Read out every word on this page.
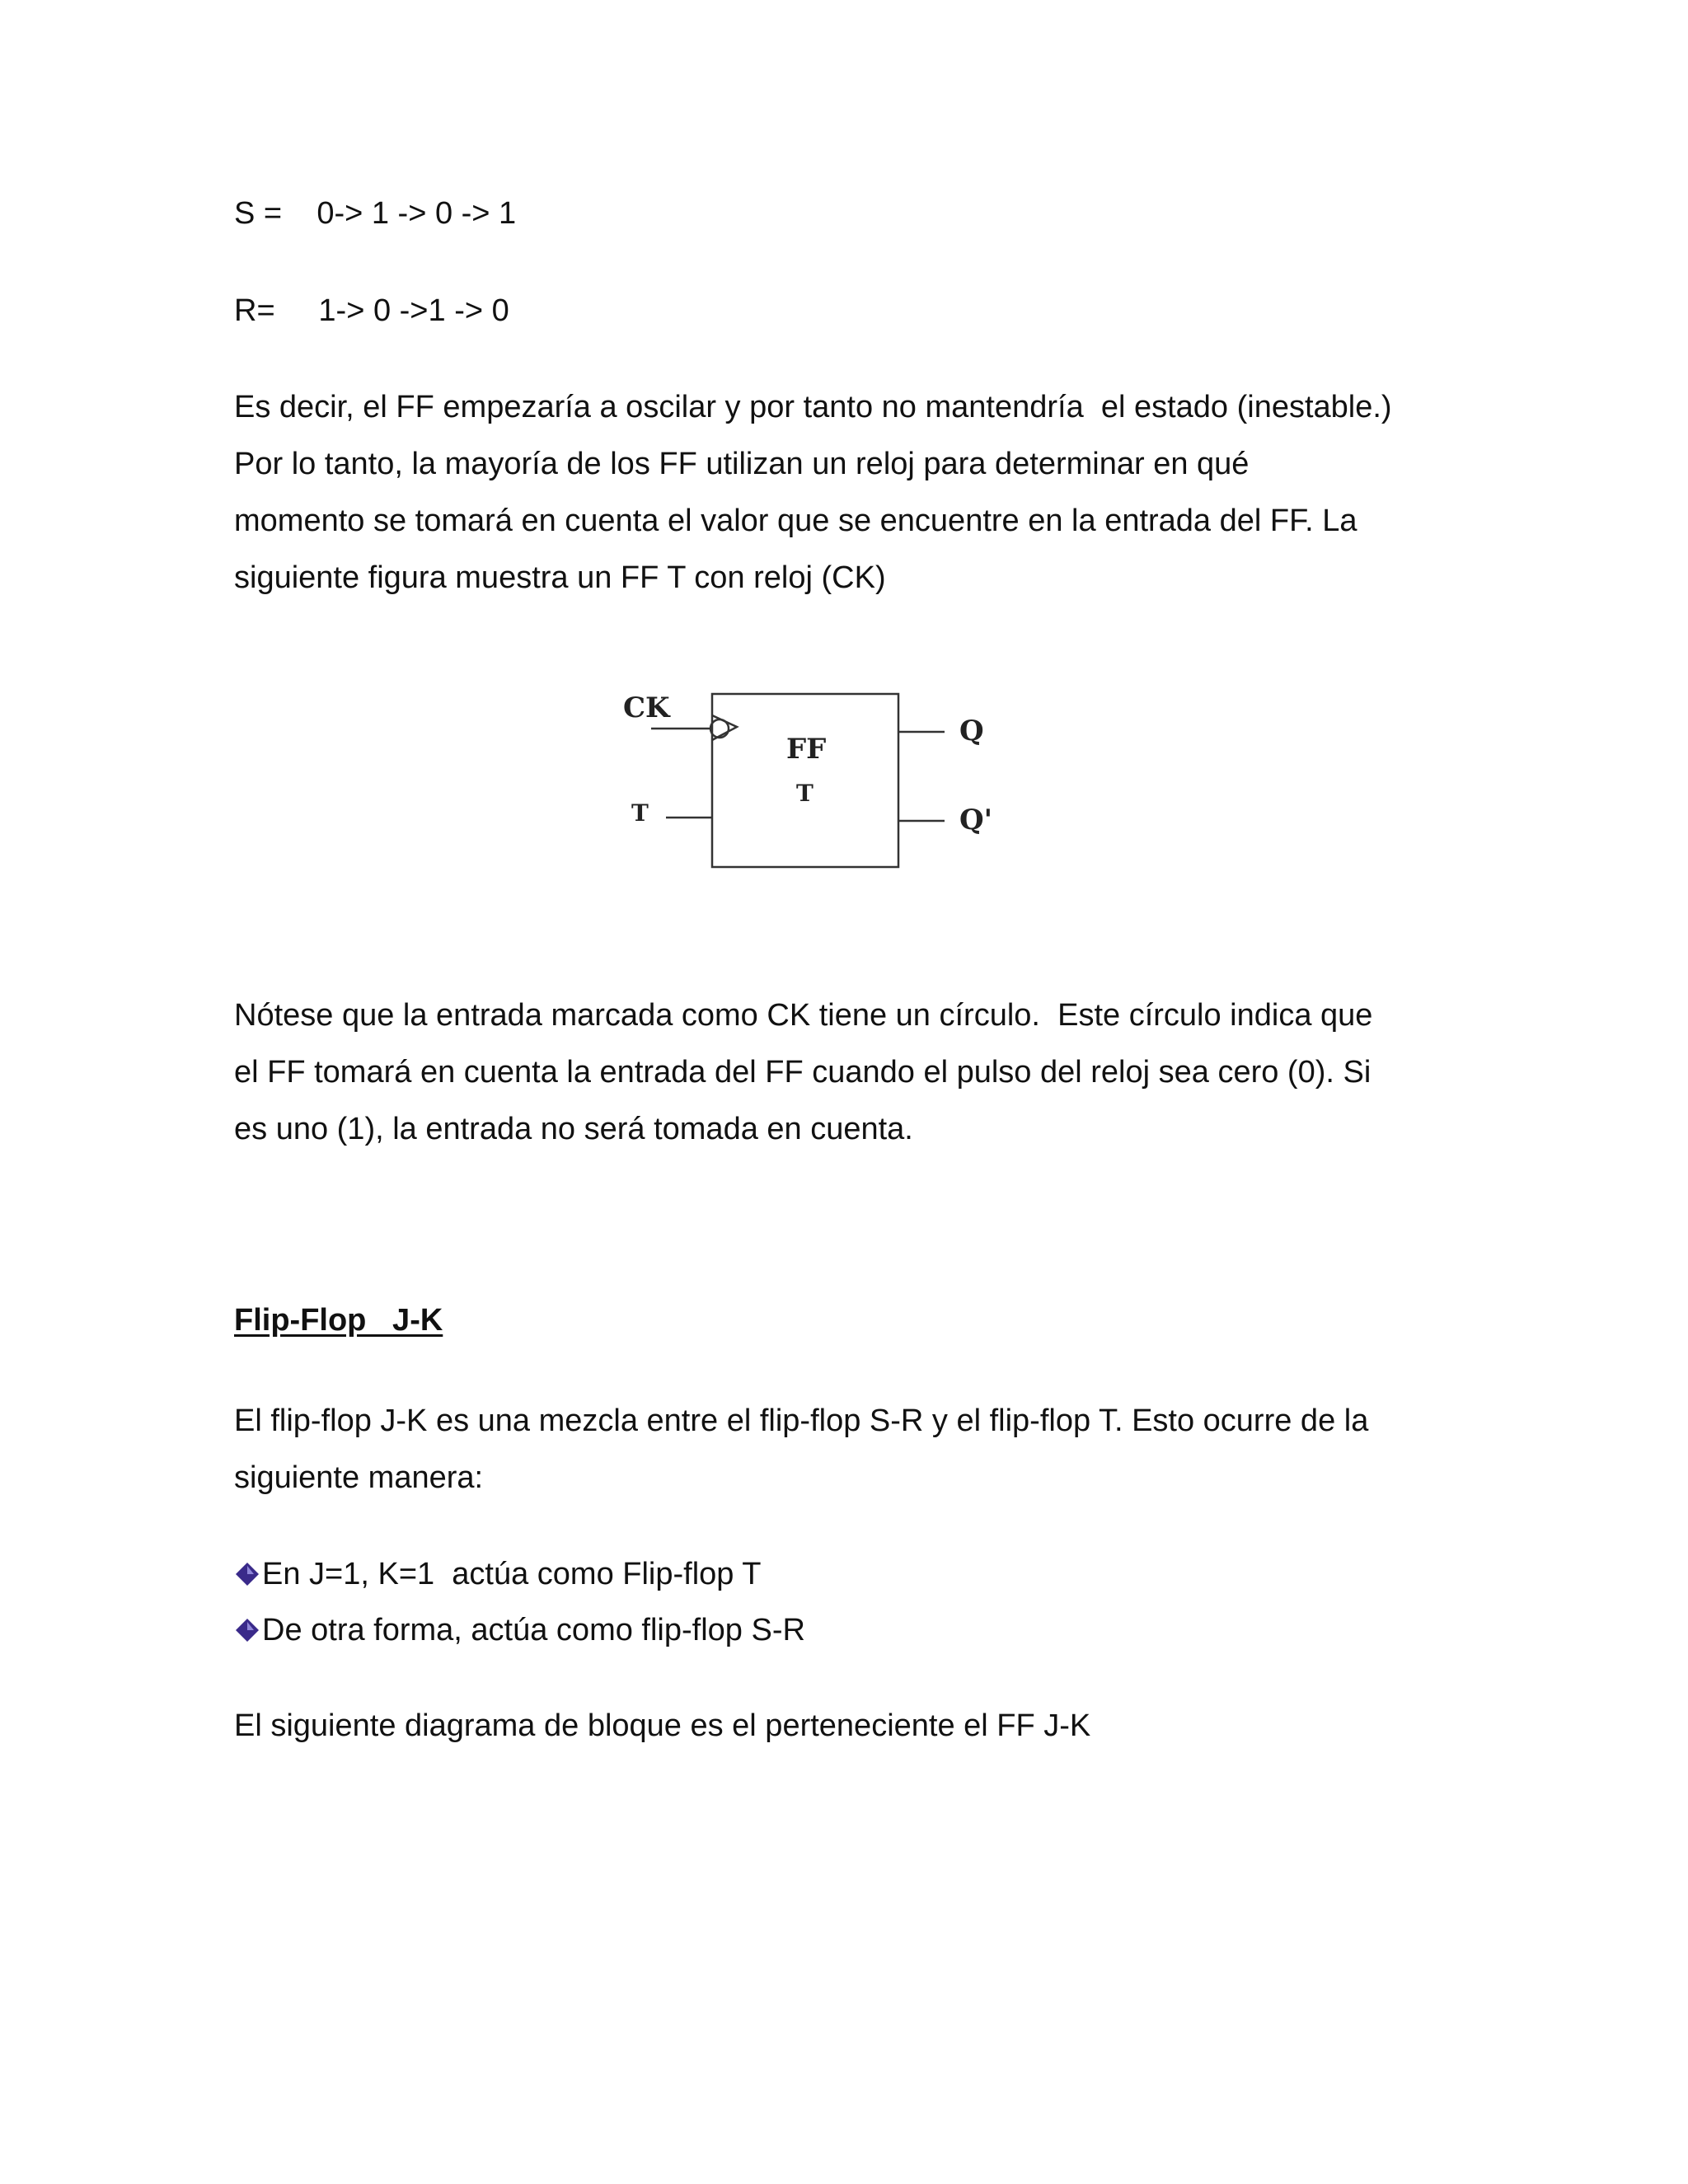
S =    0-> 1 -> 0 -> 1

R=     1-> 0 ->1 -> 0

Es decir, el FF empezaría a oscilar y por tanto no mantendría  el estado (inestable.)

Por lo tanto, la mayoría de los FF utilizan un reloj para determinar en qué

momento se tomará en cuenta el valor que se encuentre en la entrada del FF. La

siguiente figura muestra un FF T con reloj (CK)

CK
FF
T
T
Q
Q'

Nótese que la entrada marcada como CK tiene un círculo.  Este círculo indica que

el FF tomará en cuenta la entrada del FF cuando el pulso del reloj sea cero (0). Si

es uno (1), la entrada no será tomada en cuenta.

Flip-Flop   J-K

El flip-flop J-K es una mezcla entre el flip-flop S-R y el flip-flop T. Esto ocurre de la

siguiente manera:

En J=1, K=1  actúa como Flip-flop T
De otra forma, actúa como flip-flop S-R

El siguiente diagrama de bloque es el perteneciente el FF J-K
